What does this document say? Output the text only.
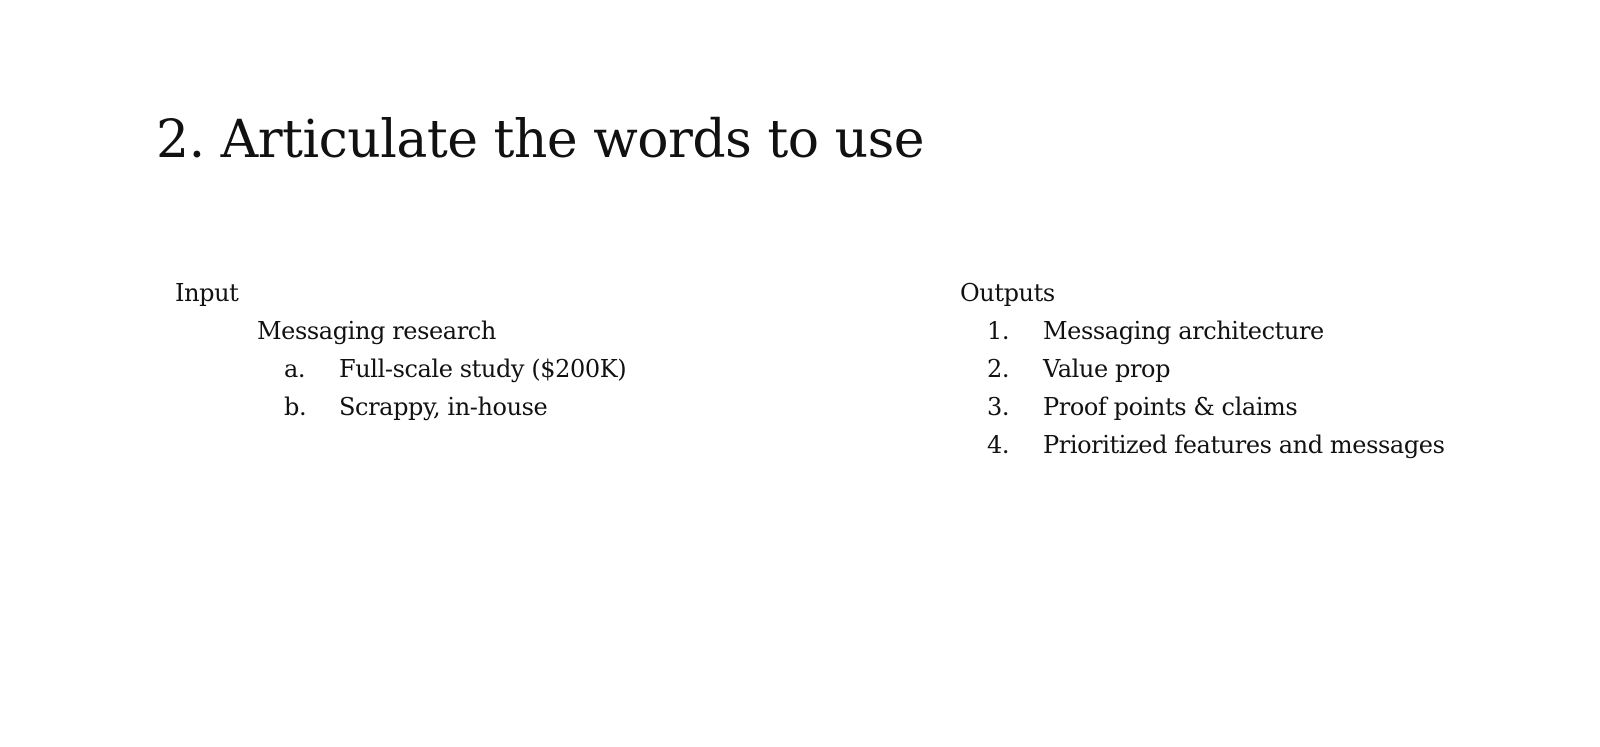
2. Articulate the words to use
Input
Messaging research
a. Full-scale study ($200K)
b. Scrappy, in-house
Outputs
1. Messaging architecture
2. Value prop
3. Proof points & claims
4. Prioritized features and messages
